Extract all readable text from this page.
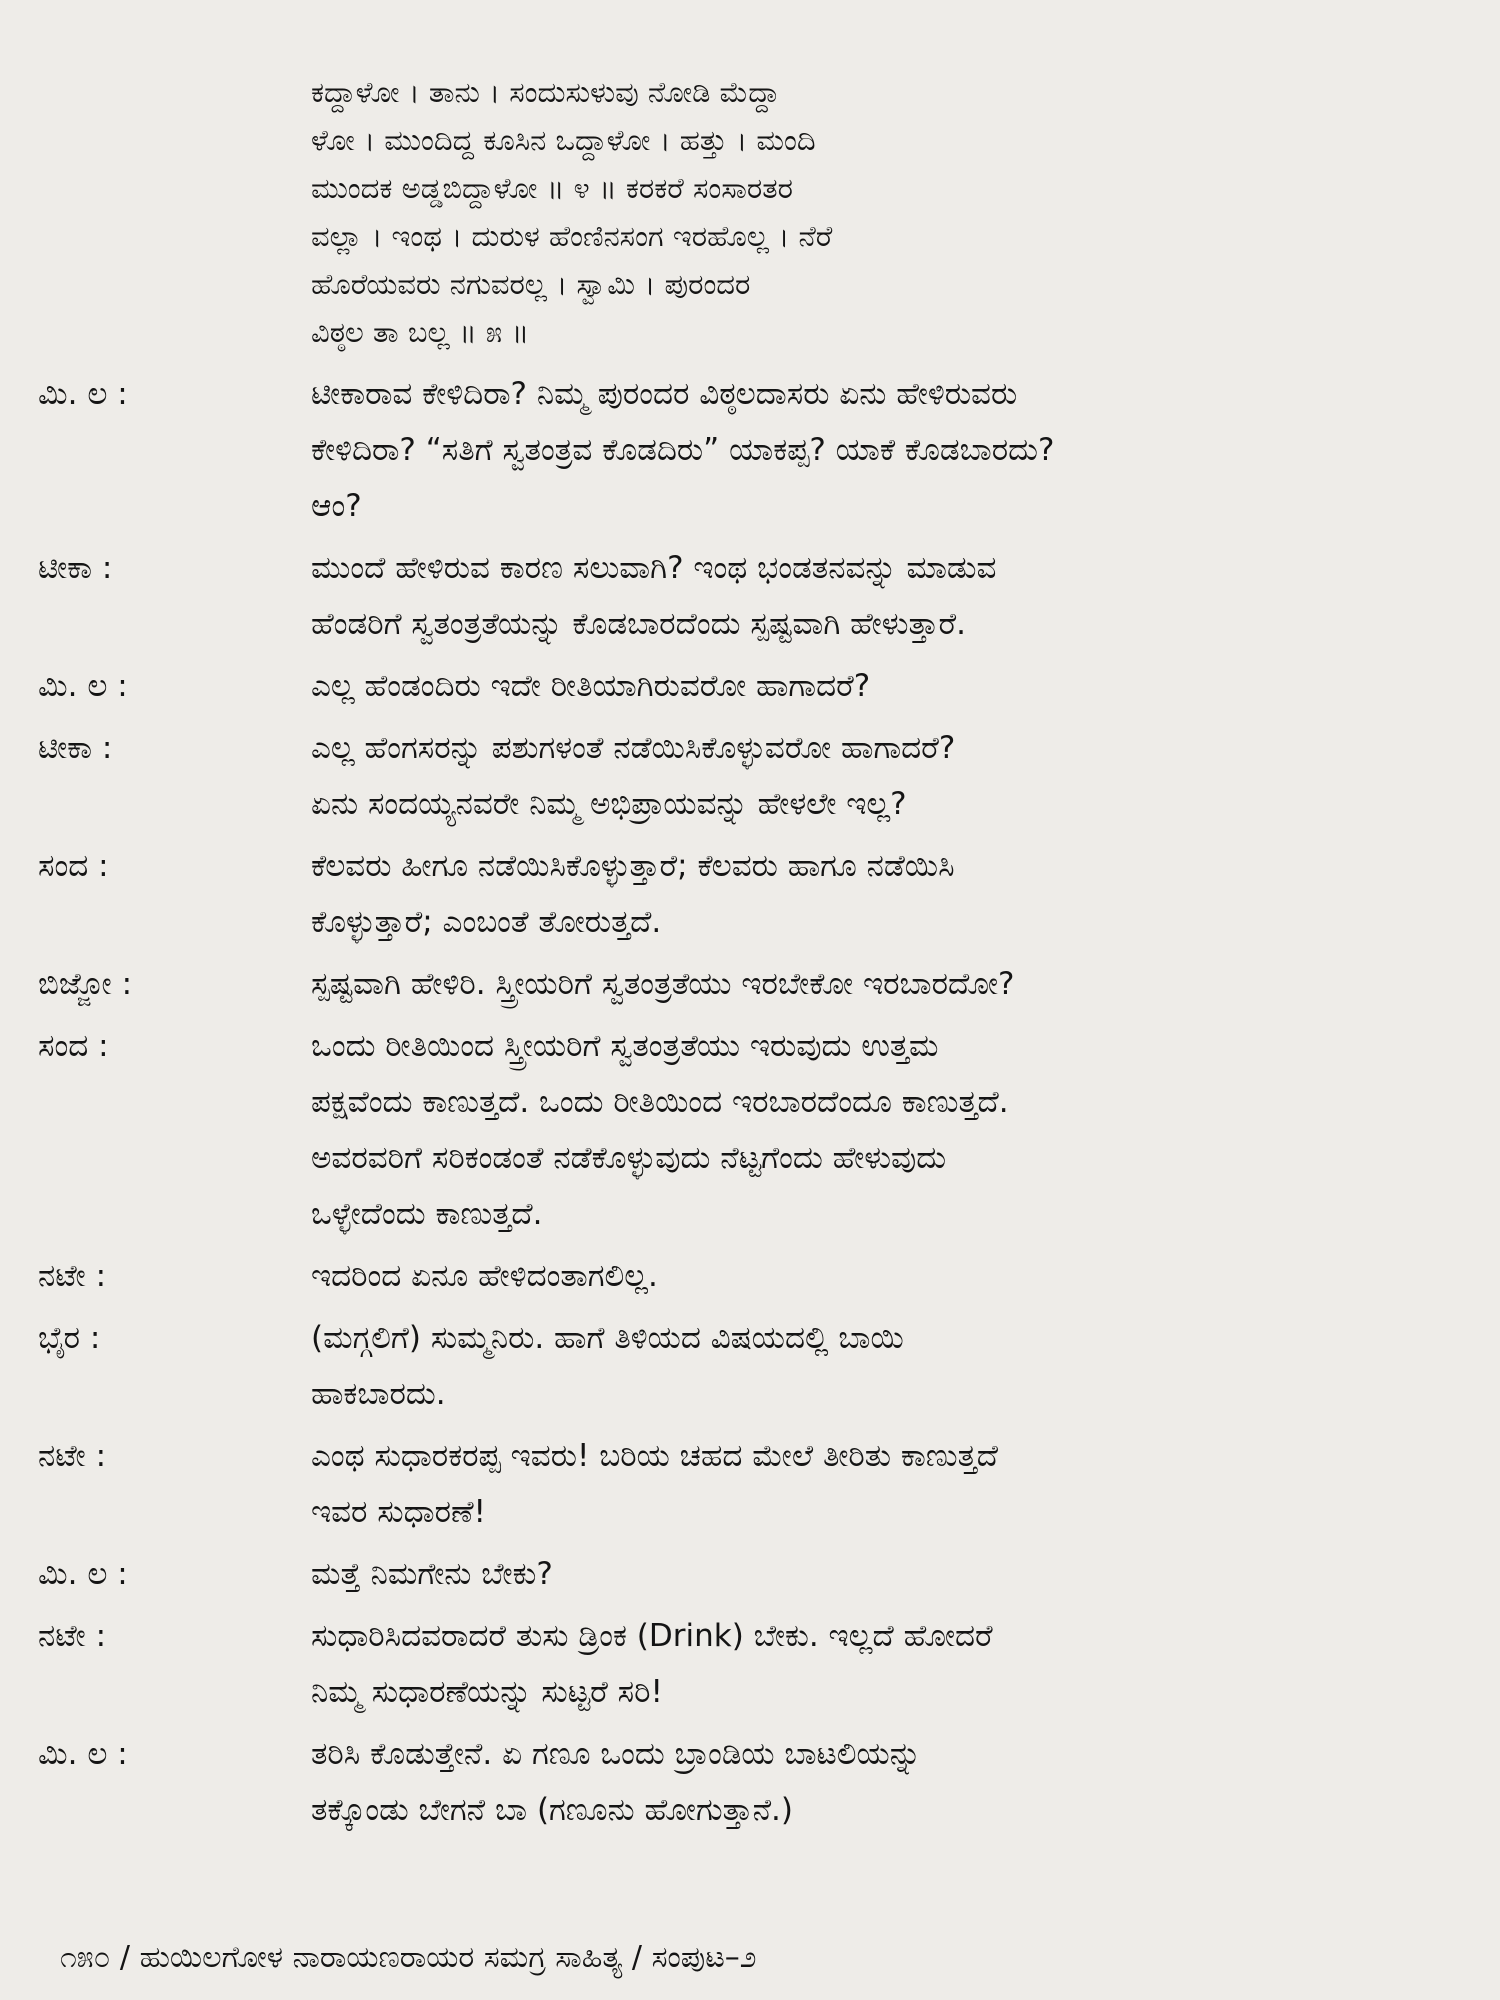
ಕದ್ದಾಳೋ । ತಾನು । ಸಂದುಸುಳುವು ನೋಡಿ ಮೆದ್ದಾ
ಳೋ । ಮುಂದಿದ್ದ ಕೂಸಿನ ಒದ್ದಾಳೋ । ಹತ್ತು । ಮಂದಿ
ಮುಂದಕ ಅಡ್ಡಬಿದ್ದಾಳೋ ॥ ೪ ॥ ಕರಕರೆ ಸಂಸಾರತರ
ವಲ್ಲಾ । ಇಂಥ । ದುರುಳ ಹೆಂಣಿನಸಂಗ ಇರಹೊಲ್ಲ । ನೆರೆ
ಹೊರೆಯವರು ನಗುವರಲ್ಲ । ಸ್ವಾಮಿ । ಪುರಂದರ
ವಿಠ್ಠಲ ತಾ ಬಲ್ಲ ॥ ೫ ॥
ಮಿ. ಲ :	ಟೀಕಾರಾವ ಕೇಳಿದಿರಾ? ನಿಮ್ಮ ಪುರಂದರ ವಿಠ್ಠಲದಾಸರು ಏನು ಹೇಳಿರುವರು
ಕೇಳಿದಿರಾ? “ಸತಿಗೆ ಸ್ವತಂತ್ರವ ಕೊಡದಿರು” ಯಾಕಪ್ಪ? ಯಾಕೆ ಕೊಡಬಾರದು?
ಆಂ?
ಟೀಕಾ :	ಮುಂದೆ ಹೇಳಿರುವ ಕಾರಣ ಸಲುವಾಗಿ? ಇಂಥ ಭಂಡತನವನ್ನು ಮಾಡುವ
ಹೆಂಡರಿಗೆ ಸ್ವತಂತ್ರತೆಯನ್ನು ಕೊಡಬಾರದೆಂದು ಸ್ಪಷ್ಟವಾಗಿ ಹೇಳುತ್ತಾರೆ.
ಮಿ. ಲ :	ಎಲ್ಲ ಹೆಂಡಂದಿರು ಇದೇ ರೀತಿಯಾಗಿರುವರೋ ಹಾಗಾದರೆ?
ಟೀಕಾ :	ಎಲ್ಲ ಹೆಂಗಸರನ್ನು ಪಶುಗಳಂತೆ ನಡೆಯಿಸಿಕೊಳ್ಳುವರೋ ಹಾಗಾದರೆ?
ಏನು ಸಂದಯ್ಯನವರೇ ನಿಮ್ಮ ಅಭಿಪ್ರಾಯವನ್ನು ಹೇಳಲೇ ಇಲ್ಲ?
ಸಂದ :	ಕೆಲವರು ಹೀಗೂ ನಡೆಯಿಸಿಕೊಳ್ಳುತ್ತಾರೆ; ಕೆಲವರು ಹಾಗೂ ನಡೆಯಿಸಿ
ಕೊಳ್ಳುತ್ತಾರೆ; ಎಂಬಂತೆ ತೋರುತ್ತದೆ.
ಬಿಜ್ಜೋ :	ಸ್ಪಷ್ಟವಾಗಿ ಹೇಳಿರಿ. ಸ್ತ್ರೀಯರಿಗೆ ಸ್ವತಂತ್ರತೆಯು ಇರಬೇಕೋ ಇರಬಾರದೋ?
ಸಂದ :	ಒಂದು ರೀತಿಯಿಂದ ಸ್ತ್ರೀಯರಿಗೆ ಸ್ವತಂತ್ರತೆಯು ಇರುವುದು ಉತ್ತಮ
ಪಕ್ಷವೆಂದು ಕಾಣುತ್ತದೆ. ಒಂದು ರೀತಿಯಿಂದ ಇರಬಾರದೆಂದೂ ಕಾಣುತ್ತದೆ.
ಅವರವರಿಗೆ ಸರಿಕಂಡಂತೆ ನಡೆಕೊಳ್ಳುವುದು ನೆಟ್ಟಗೆಂದು ಹೇಳುವುದು
ಒಳ್ಳೇದೆಂದು ಕಾಣುತ್ತದೆ.
ನಟೇ :	ಇದರಿಂದ ಏನೂ ಹೇಳಿದಂತಾಗಲಿಲ್ಲ.
ಭೈರ :	(ಮಗ್ಗಲಿಗೆ) ಸುಮ್ಮನಿರು. ಹಾಗೆ ತಿಳಿಯದ ವಿಷಯದಲ್ಲಿ ಬಾಯಿ
ಹಾಕಬಾರದು.
ನಟೇ :	ಎಂಥ ಸುಧಾರಕರಪ್ಪ ಇವರು! ಬರಿಯ ಚಹದ ಮೇಲೆ ತೀರಿತು ಕಾಣುತ್ತದೆ
ಇವರ ಸುಧಾರಣೆ!
ಮಿ. ಲ :	ಮತ್ತೆ ನಿಮಗೇನು ಬೇಕು?
ನಟೇ :	ಸುಧಾರಿಸಿದವರಾದರೆ ತುಸು ಡ್ರಿಂಕ (Drink) ಬೇಕು. ಇಲ್ಲದೆ ಹೋದರೆ
ನಿಮ್ಮ ಸುಧಾರಣೆಯನ್ನು ಸುಟ್ಟರೆ ಸರಿ!
ಮಿ. ಲ :	ತರಿಸಿ ಕೊಡುತ್ತೇನೆ. ಏ ಗಣೂ ಒಂದು ಬ್ರಾಂಡಿಯ ಬಾಟಲಿಯನ್ನು
ತಕ್ಕೊಂಡು ಬೇಗನೆ ಬಾ (ಗಣೂನು ಹೋಗುತ್ತಾನೆ.)
೧೫೦ / ಹುಯಿಲಗೋಳ ನಾರಾಯಣರಾಯರ ಸಮಗ್ರ ಸಾಹಿತ್ಯ / ಸಂಪುಟ–೨
